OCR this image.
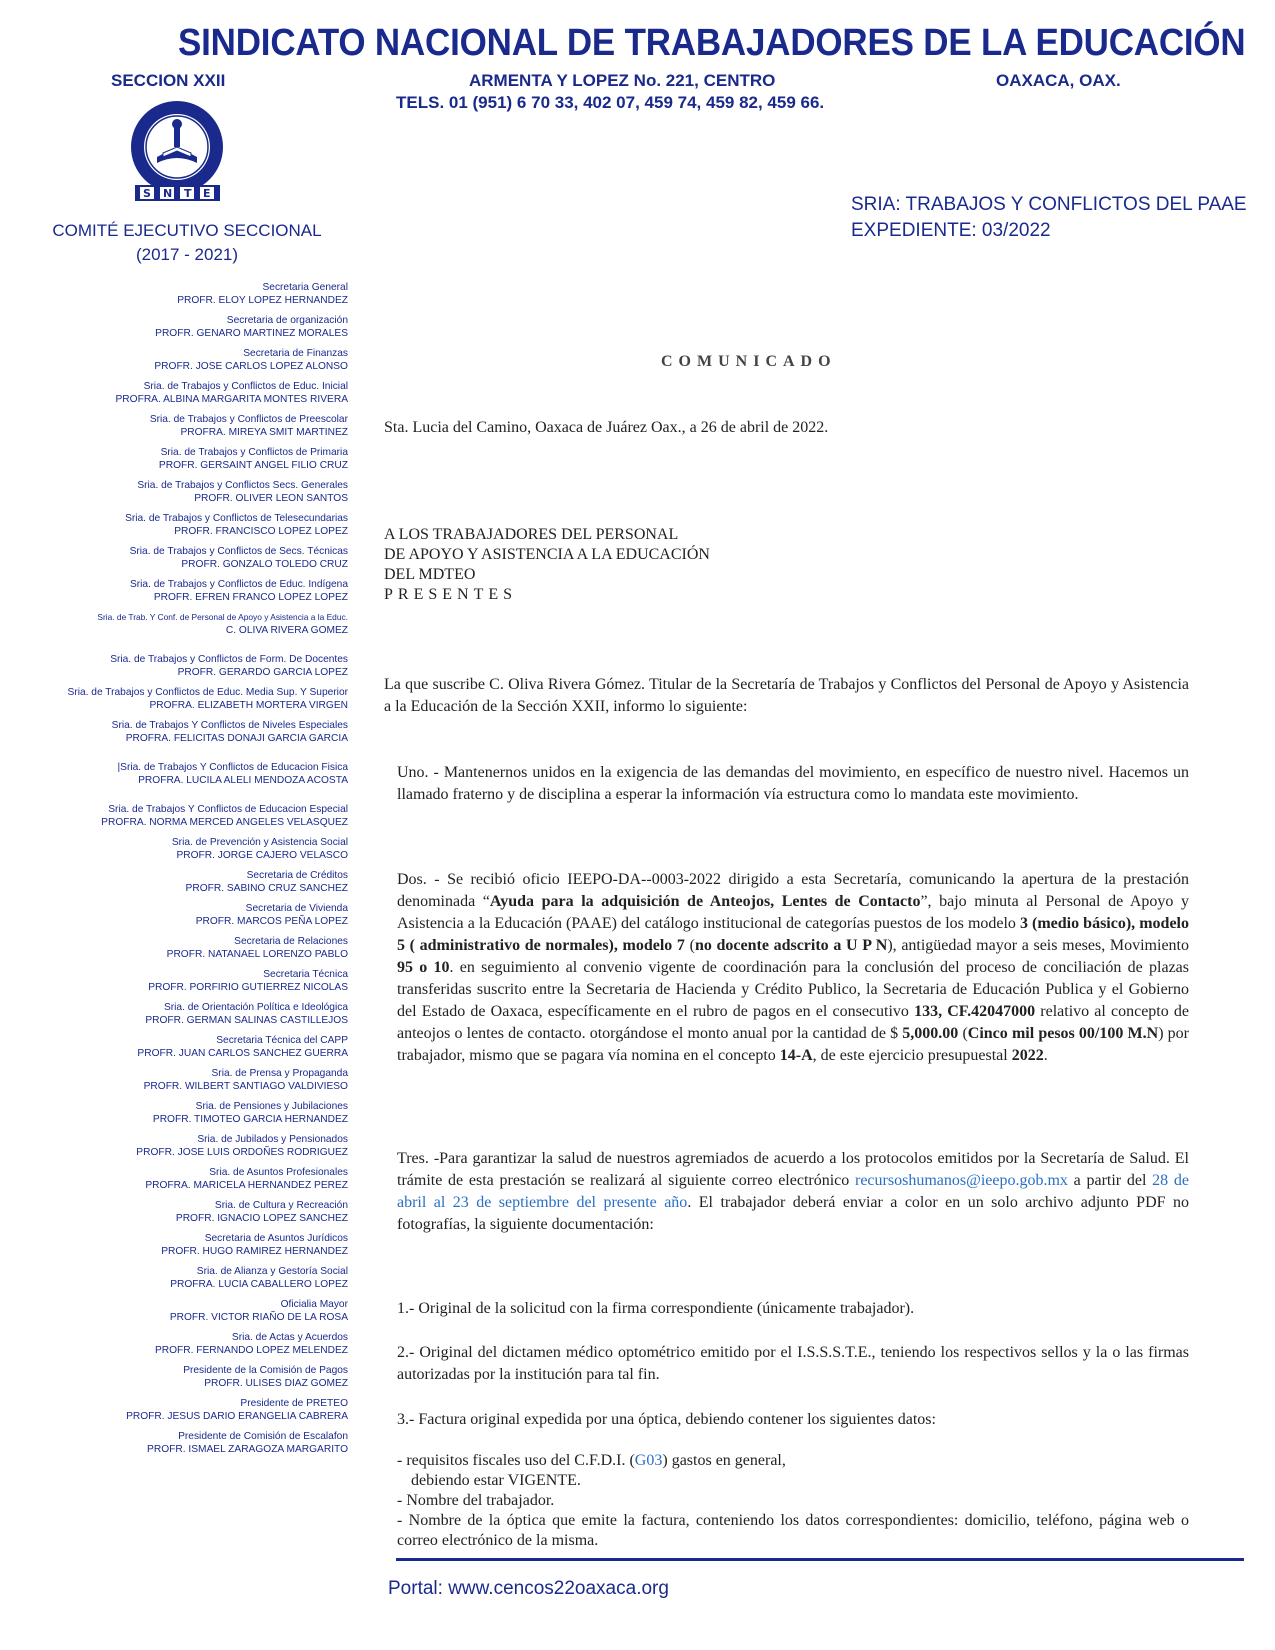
SINDICATO NACIONAL DE TRABAJADORES DE LA EDUCACIÓN
SECCION XXII	ARMENTA Y LOPEZ No. 221, CENTRO	OAXACA, OAX.
TELS. 01 (951) 6 70 33, 402 07, 459 74, 459 82, 459 66.
S N T E
COMITÉ EJECUTIVO SECCIONAL
(2017 - 2021)
SRIA: TRABAJOS Y CONFLICTOS DEL PAAE
EXPEDIENTE: 03/2022
Secretaria General
PROFR. ELOY LOPEZ HERNANDEZ
Secretaria de organización
PROFR. GENARO MARTINEZ MORALES
Secretaria de Finanzas
PROFR. JOSE CARLOS LOPEZ ALONSO
Sria. de Trabajos y Conflictos de Educ. Inicial
PROFRA. ALBINA MARGARITA MONTES RIVERA
Sria. de Trabajos y Conflictos de Preescolar
PROFRA. MIREYA SMIT MARTINEZ
Sria. de Trabajos y Conflictos de Primaria
PROFR. GERSAINT ANGEL FILIO CRUZ
Sria. de Trabajos y Conflictos Secs. Generales
PROFR. OLIVER LEON SANTOS
Sria. de Trabajos y Conflictos de Telesecundarias
PROFR. FRANCISCO LOPEZ LOPEZ
Sria. de Trabajos y Conflictos de Secs. Técnicas
PROFR. GONZALO TOLEDO CRUZ
Sria. de Trabajos y Conflictos de Educ. Indígena
PROFR. EFREN FRANCO LOPEZ LOPEZ
Sria. de Trab. Y Conf. de Personal de Apoyo y Asistencia a la Educ.
C. OLIVA RIVERA GOMEZ
Sria. de Trabajos y Conflictos de Form. De Docentes
PROFR. GERARDO GARCIA LOPEZ
Sria. de Trabajos y Conflictos de Educ. Media Sup. Y Superior
PROFRA. ELIZABETH MORTERA VIRGEN
Sria. de Trabajos Y Conflictos de Niveles Especiales
PROFRA. FELICITAS DONAJI GARCIA GARCIA
|Sria. de Trabajos Y Conflictos de Educacion Fisica
PROFRA. LUCILA ALELI MENDOZA ACOSTA
Sria. de Trabajos Y Conflictos de Educacion Especial
PROFRA. NORMA MERCED ANGELES VELASQUEZ
Sria. de Prevención y Asistencia Social
PROFR. JORGE CAJERO VELASCO
Secretaria de Créditos
PROFR. SABINO CRUZ SANCHEZ
Secretaria de Vivienda
PROFR. MARCOS PEÑA LOPEZ
Secretaria de Relaciones
PROFR. NATANAEL LORENZO PABLO
Secretaria Técnica
PROFR. PORFIRIO GUTIERREZ NICOLAS
Sria. de Orientación Política e Ideológica
PROFR. GERMAN SALINAS CASTILLEJOS
Secretaria Técnica del CAPP
PROFR. JUAN CARLOS SANCHEZ GUERRA
Sria. de Prensa y Propaganda
PROFR. WILBERT SANTIAGO VALDIVIESO
Sria. de Pensiones y Jubilaciones
PROFR. TIMOTEO GARCIA HERNANDEZ
Sria. de Jubilados y Pensionados
PROFR. JOSE LUIS ORDOÑES RODRIGUEZ
Sria. de Asuntos Profesionales
PROFRA. MARICELA HERNANDEZ PEREZ
Sria. de Cultura y Recreación
PROFR. IGNACIO LOPEZ SANCHEZ
Secretaria de Asuntos Jurídicos
PROFR. HUGO RAMIREZ HERNANDEZ
Sria. de Alianza y Gestoría Social
PROFRA. LUCIA CABALLERO LOPEZ
Oficialia Mayor
PROFR. VICTOR RIAÑO DE LA ROSA
Sria. de Actas y Acuerdos
PROFR. FERNANDO LOPEZ MELENDEZ
Presidente de la Comisión de Pagos
PROFR. ULISES DIAZ GOMEZ
Presidente de PRETEO
PROFR. JESUS DARIO ERANGELIA CABRERA
Presidente de Comisión de Escalafon
PROFR. ISMAEL ZARAGOZA MARGARITO
COMUNICADO
Sta. Lucia del Camino, Oaxaca de Juárez Oax., a 26 de abril de 2022.
A LOS TRABAJADORES DEL PERSONAL
DE APOYO Y ASISTENCIA A LA EDUCACIÓN
DEL MDTEO
PRESENTES
La que suscribe C. Oliva Rivera Gómez. Titular de la Secretaría de Trabajos y Conflictos del Personal de Apoyo y Asistencia a la Educación de la Sección XXII, informo lo siguiente:
Uno. - Mantenernos unidos en la exigencia de las demandas del movimiento, en específico de nuestro nivel. Hacemos un llamado fraterno y de disciplina a esperar la información vía estructura como lo mandata este movimiento.
Dos. - Se recibió oficio IEEPO-DA--0003-2022 dirigido a esta Secretaría, comunicando la apertura de la prestación denominada “Ayuda para la adquisición de Anteojos, Lentes de Contacto”, bajo minuta al Personal de Apoyo y Asistencia a la Educación (PAAE) del catálogo institucional de categorías puestos de los modelo 3 (medio básico), modelo 5 ( administrativo de normales), modelo 7 (no docente adscrito a U P N), antigüedad mayor a seis meses, Movimiento 95 o 10. en seguimiento al convenio vigente de coordinación para la conclusión del proceso de conciliación de plazas transferidas suscrito entre la Secretaria de Hacienda y Crédito Publico, la Secretaria de Educación Publica y el Gobierno del Estado de Oaxaca, específicamente en el rubro de pagos en el consecutivo 133, CF.42047000 relativo al concepto de anteojos o lentes de contacto. otorgándose el monto anual por la cantidad de $ 5,000.00 (Cinco mil pesos 00/100 M.N) por trabajador, mismo que se pagara vía nomina en el concepto 14-A, de este ejercicio presupuestal 2022.
Tres. -Para garantizar la salud de nuestros agremiados de acuerdo a los protocolos emitidos por la Secretaría de Salud. El trámite de esta prestación se realizará al siguiente correo electrónico recursoshumanos@ieepo.gob.mx a partir del 28 de abril al 23 de septiembre del presente año. El trabajador deberá enviar a color en un solo archivo adjunto PDF no fotografías, la siguiente documentación:
1.- Original de la solicitud con la firma correspondiente (únicamente trabajador).
2.- Original del dictamen médico optométrico emitido por el I.S.S.S.T.E., teniendo los respectivos sellos y la o las firmas autorizadas por la institución para tal fin.
3.- Factura original expedida por una óptica, debiendo contener los siguientes datos:
- requisitos fiscales uso del C.F.D.I. (G03) gastos en general,
debiendo estar VIGENTE.
- Nombre del trabajador.
- Nombre de la óptica que emite la factura, conteniendo los datos correspondientes: domicilio, teléfono, página web o correo electrónico de la misma.
Portal: www.cencos22oaxaca.org
